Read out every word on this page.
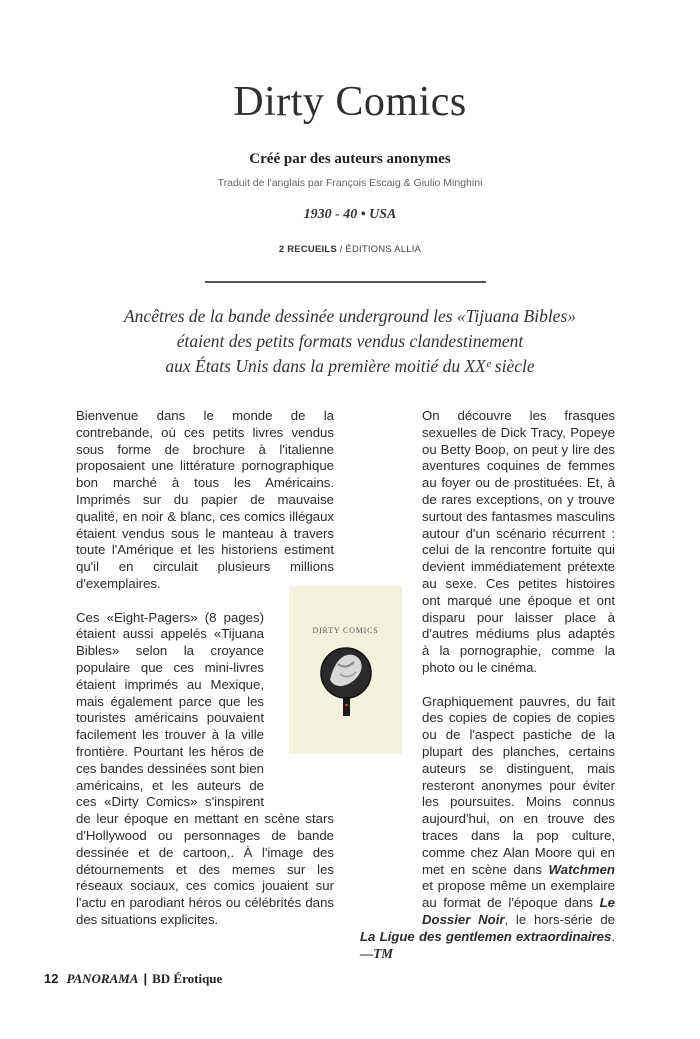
Dirty Comics
Créé par des auteurs anonymes
Traduit de l'anglais par François Escaig & Giulio Minghini
1930 - 40 • USA
2 RECUEILS / ÉDITIONS ALLIA
Ancêtres de la bande dessinée underground les «Tijuana Bibles»
étaient des petits formats vendus clandestinement
aux États Unis dans la première moitié du XXᵉ siècle

Bienvenue dans le monde de la contrebande, où ces petits livres vendus sous forme de brochure à l'italienne proposaient une littérature pornographique bon marché à tous les Américains. Imprimés sur du papier de mauvaise qualité, en noir & blanc, ces comics illégaux étaient vendus sous le manteau à travers toute l'Amérique et les historiens estiment qu'il en circulait plusieurs millions d'exemplaires.

Ces «Eight-Pagers» (8 pages) étaient aussi appelés «Tijuana Bibles» selon la croyance populaire que ces mini-livres étaient imprimés au Mexique, mais également parce que les touristes américains pouvaient facilement les trouver à la ville frontière. Pourtant les héros de ces bandes dessinées sont bien américains, et les auteurs de ces «Dirty Comics» s'inspirent de leur époque en mettant en scène stars d'Hollywood ou personnages de bande dessinée et de cartoon,. À l'image des détournements et des memes sur les réseaux sociaux, ces comics jouaient sur l'actu en parodiant héros ou célébrités dans des situations explicites.

On découvre les frasques sexuelles de Dick Tracy, Popeye ou Betty Boop, on peut y lire des aventures coquines de femmes au foyer ou de prostituées. Et, à de rares exceptions, on y trouve surtout des fantasmes masculins autour d'un scénario récurrent : celui de la rencontre fortuite qui devient immédiatement prétexte au sexe. Ces petites histoires ont marqué une époque et ont disparu pour laisser place à d'autres médiums plus adaptés à la pornographie, comme la photo ou le cinéma.

Graphiquement pauvres, du fait des copies de copies de copies ou de l'aspect pastiche de la plupart des planches, certains auteurs se distinguent, mais resteront anonymes pour éviter les poursuites. Moins connus aujourd'hui, on en trouve des traces dans la pop culture, comme chez Alan Moore qui en met en scène dans Watchmen et propose même un exemplaire au format de l'époque dans Le Dossier Noir, le hors-série de La Ligue des gentlemen extraordinaires. —TM

DIRTY COMICS
12 PANORAMA | BD Érotique
